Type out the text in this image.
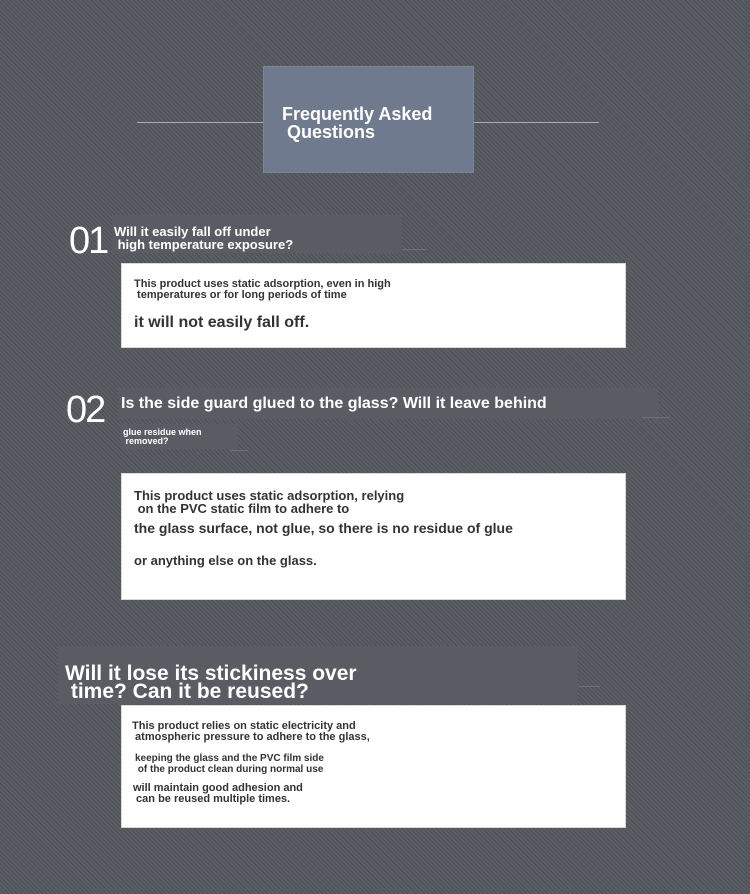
Frequently Asked
Questions
01 Will it easily fall off under
high temperature exposure?
This product uses static adsorption, even in high
temperatures or for long periods of time
it will not easily fall off.
02 Is the side guard glued to the glass? Will it leave behind
glue residue when
removed?
This product uses static adsorption, relying
on the PVC static film to adhere to
the glass surface, not glue, so there is no residue of glue
or anything else on the glass.
Will it lose its stickiness over
time? Can it be reused?
This product relies on static electricity and
atmospheric pressure to adhere to the glass,
keeping the glass and the PVC film side
of the product clean during normal use
will maintain good adhesion and
can be reused multiple times.
